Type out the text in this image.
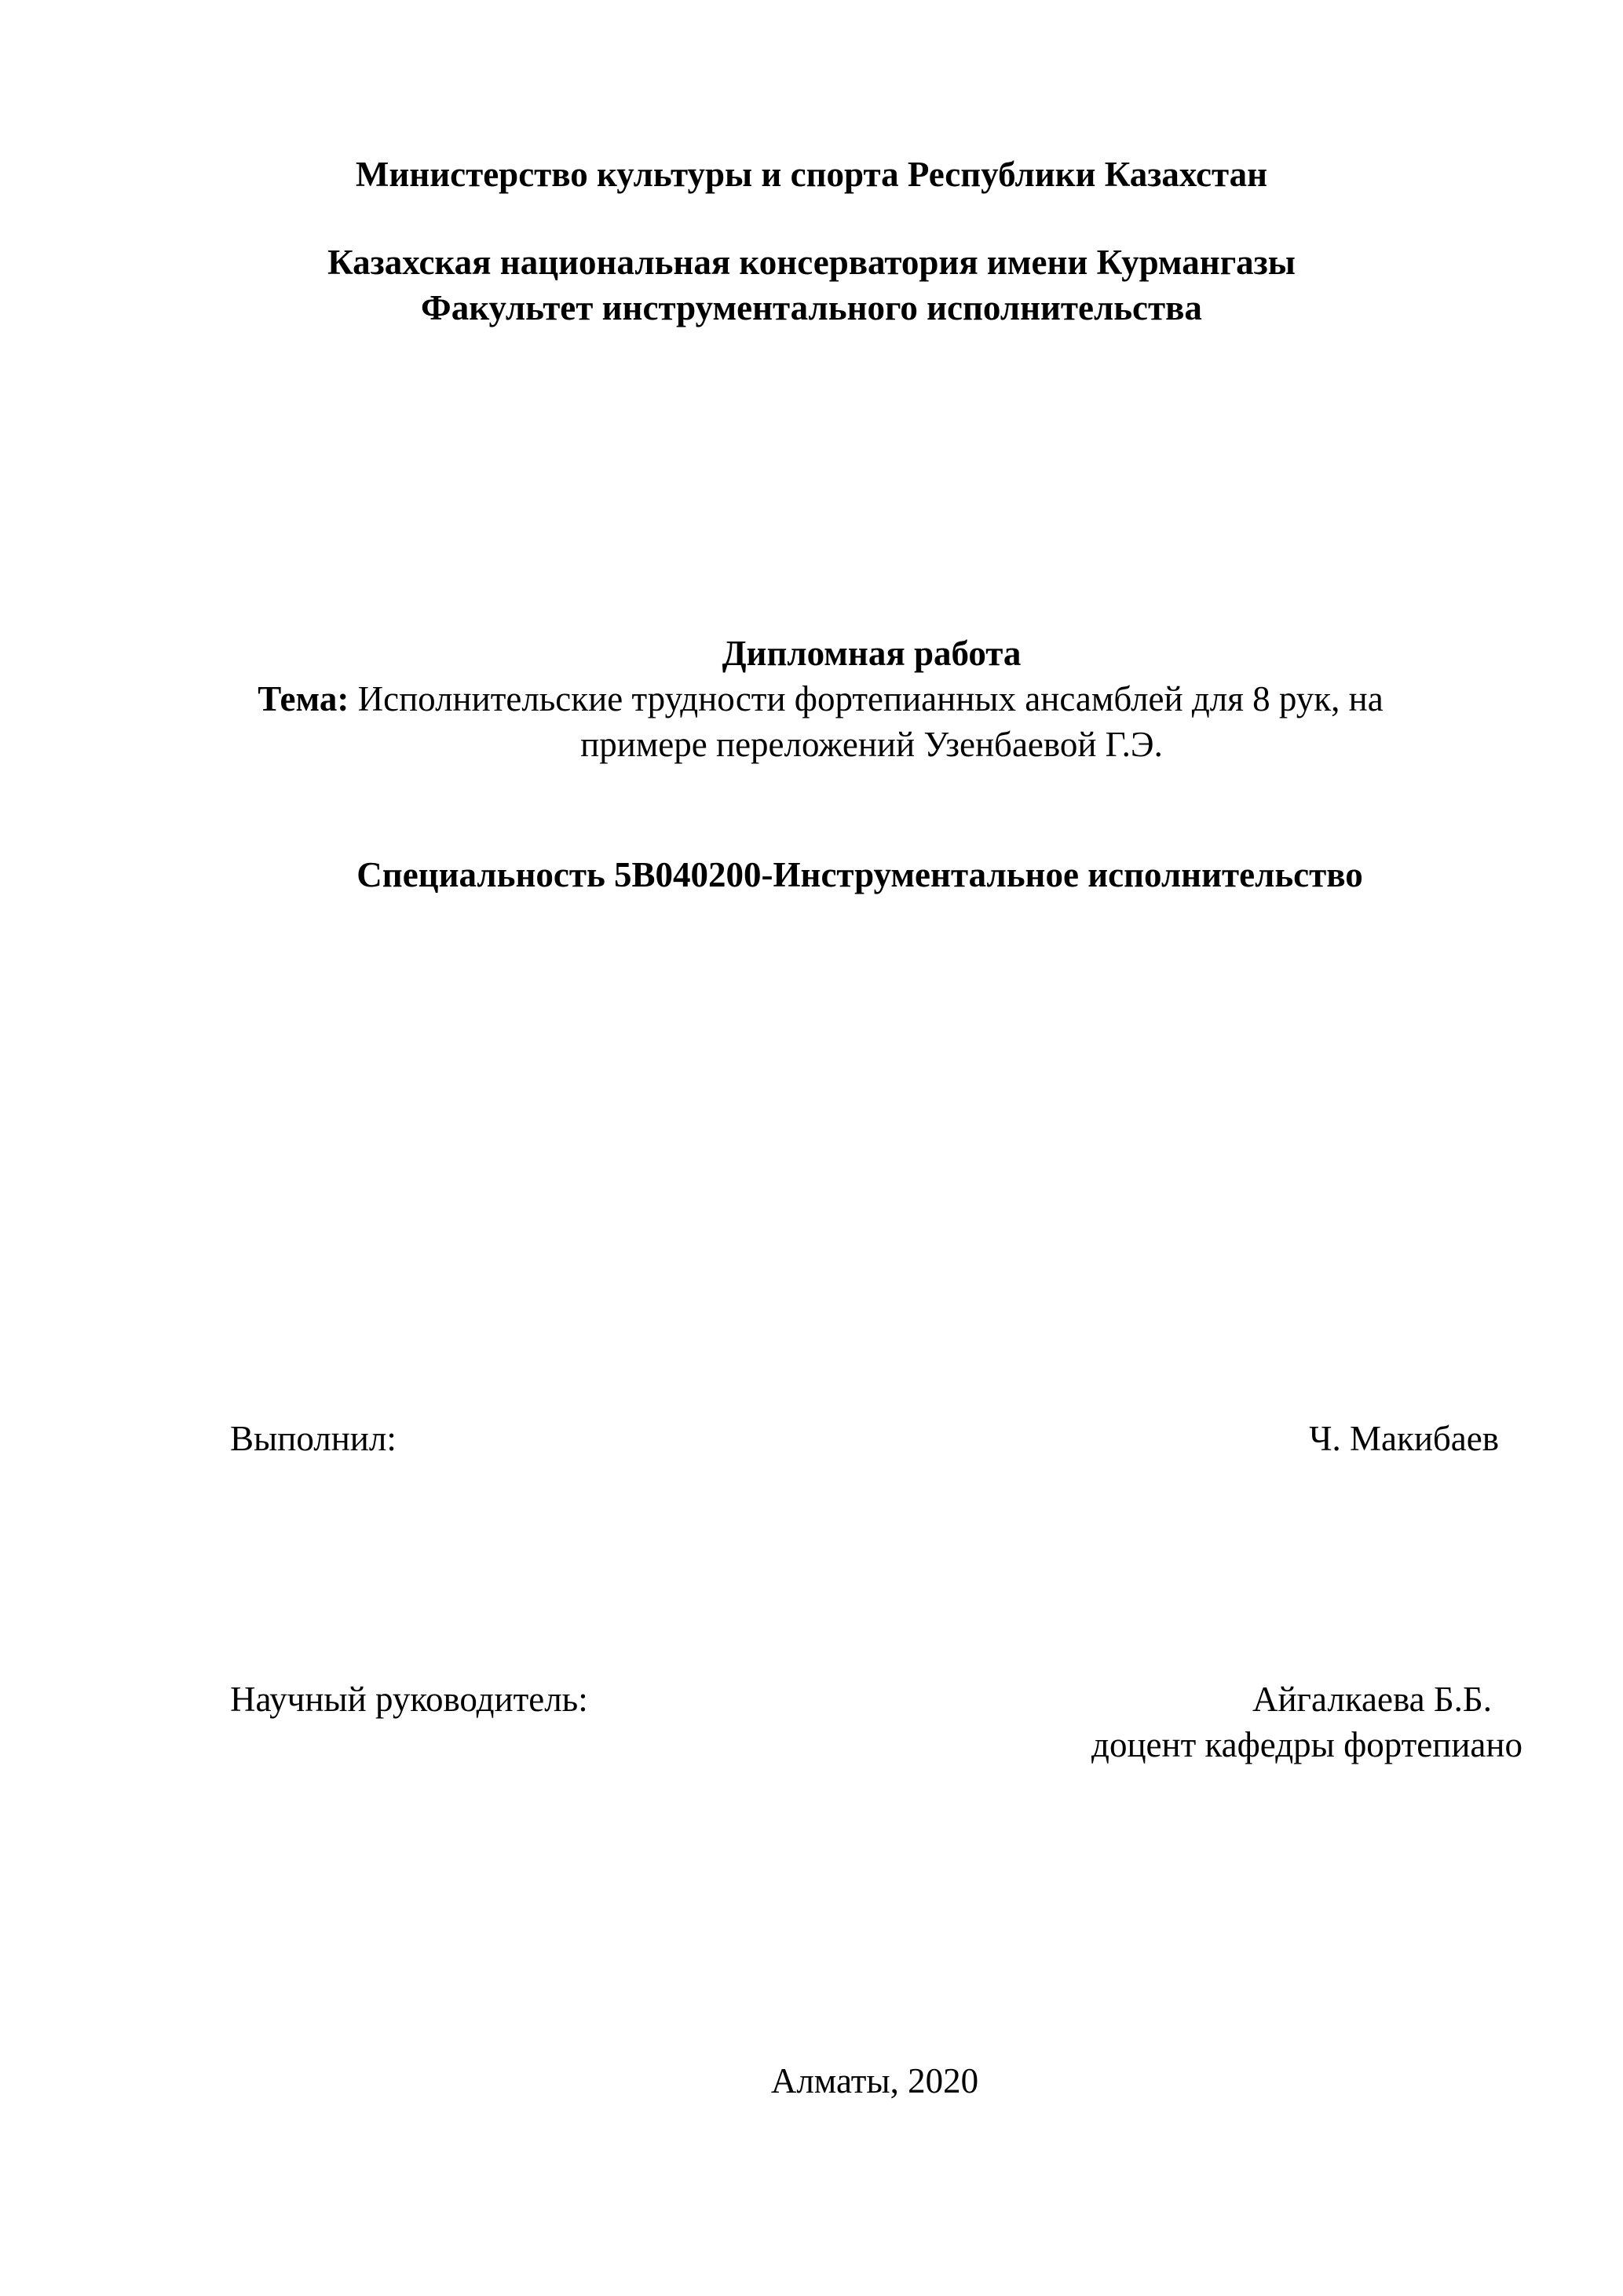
Министерство культуры и спорта Республики Казахстан
Казахская национальная консерватория имени Курмангазы
Факультет инструментального исполнительства
Дипломная работа
Тема: Исполнительские трудности фортепианных ансамблей для 8 рук, на
примере переложений Узенбаевой Г.Э.
Специальность 5В040200-Инструментальное исполнительство
Выполнил:	Ч. Макибаев
Научный руководитель:	Айгалкаева Б.Б.
доцент кафедры фортепиано
Алматы, 2020
